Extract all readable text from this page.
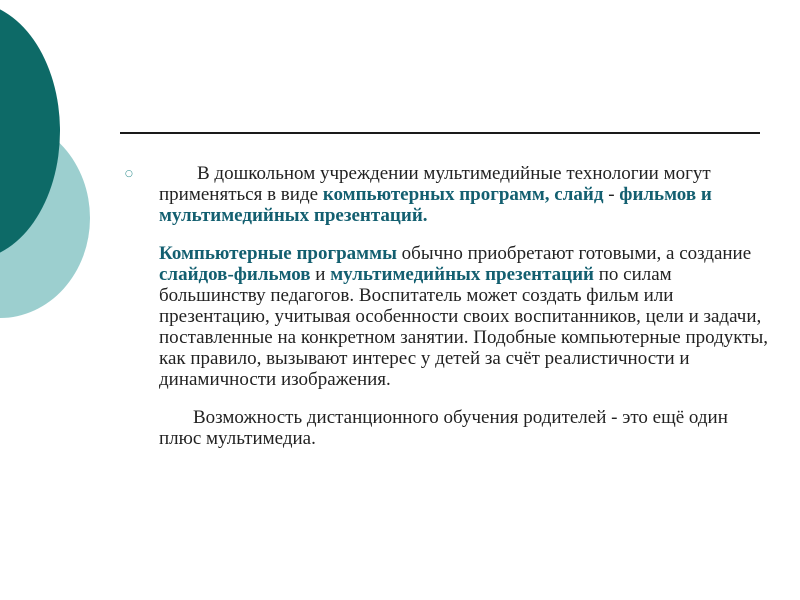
○	В дошкольном учреждении мультимедийные технологии могут применяться в виде компьютерных программ, слайд - фильмов и мультимедийных презентаций.

Компьютерные программы обычно приобретают готовыми, а создание слайдов-фильмов и мультимедийных презентаций по силам большинству педагогов. Воспитатель может создать фильм или презентацию, учитывая особенности своих воспитанников, цели и задачи, поставленные на конкретном занятии. Подобные компьютерные продукты, как правило, вызывают интерес у детей за счёт реалистичности и динамичности изображения.

Возможность дистанционного обучения родителей - это ещё один плюс мультимедиа.
